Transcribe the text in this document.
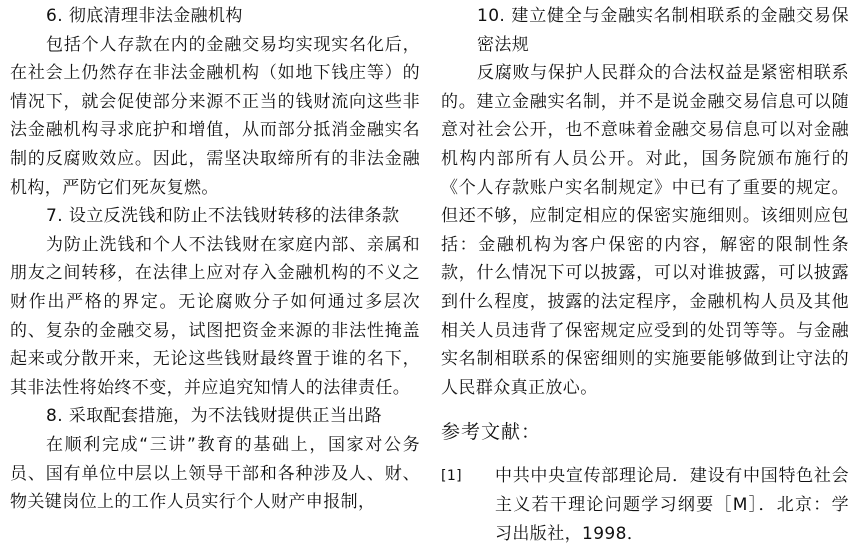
6. 彻底清理非法金融机构

包括个人存款在内的金融交易均实现实名化后，在社会上仍然存在非法金融机构（如地下钱庄等）的情况下，就会促使部分来源不正当的钱财流向这些非法金融机构寻求庇护和增值，从而部分抵消金融实名制的反腐败效应。因此，需坚决取缔所有的非法金融机构，严防它们死灰复燃。

7. 设立反洗钱和防止不法钱财转移的法律条款

为防止洗钱和个人不法钱财在家庭内部、亲属和朋友之间转移，在法律上应对存入金融机构的不义之财作出严格的界定。无论腐败分子如何通过多层次的、复杂的金融交易，试图把资金来源的非法性掩盖起来或分散开来，无论这些钱财最终置于谁的名下，其非法性将始终不变，并应追究知情人的法律责任。

8. 采取配套措施，为不法钱财提供正当出路

在顺利完成“三讲”教育的基础上，国家对公务员、国有单位中层以上领导干部和各种涉及人、财、物关键岗位上的工作人员实行个人财产申报制，

10. 建立健全与金融实名制相联系的金融交易保密法规

反腐败与保护人民群众的合法权益是紧密相联系的。建立金融实名制，并不是说金融交易信息可以随意对社会公开，也不意味着金融交易信息可以对金融机构内部所有人员公开。对此，国务院颁布施行的《个人存款账户实名制规定》中已有了重要的规定。但还不够，应制定相应的保密实施细则。该细则应包括：金融机构为客户保密的内容，解密的限制性条款，什么情况下可以披露，可以对谁披露，可以披露到什么程度，披露的法定程序，金融机构人员及其他相关人员违背了保密规定应受到的处罚等等。与金融实名制相联系的保密细则的实施要能够做到让守法的人民群众真正放心。

参考文献：

[1]	中共中央宣传部理论局．建设有中国特色社会主义若干理论问题学习纲要［M］．北京：学习出版社，1998．
